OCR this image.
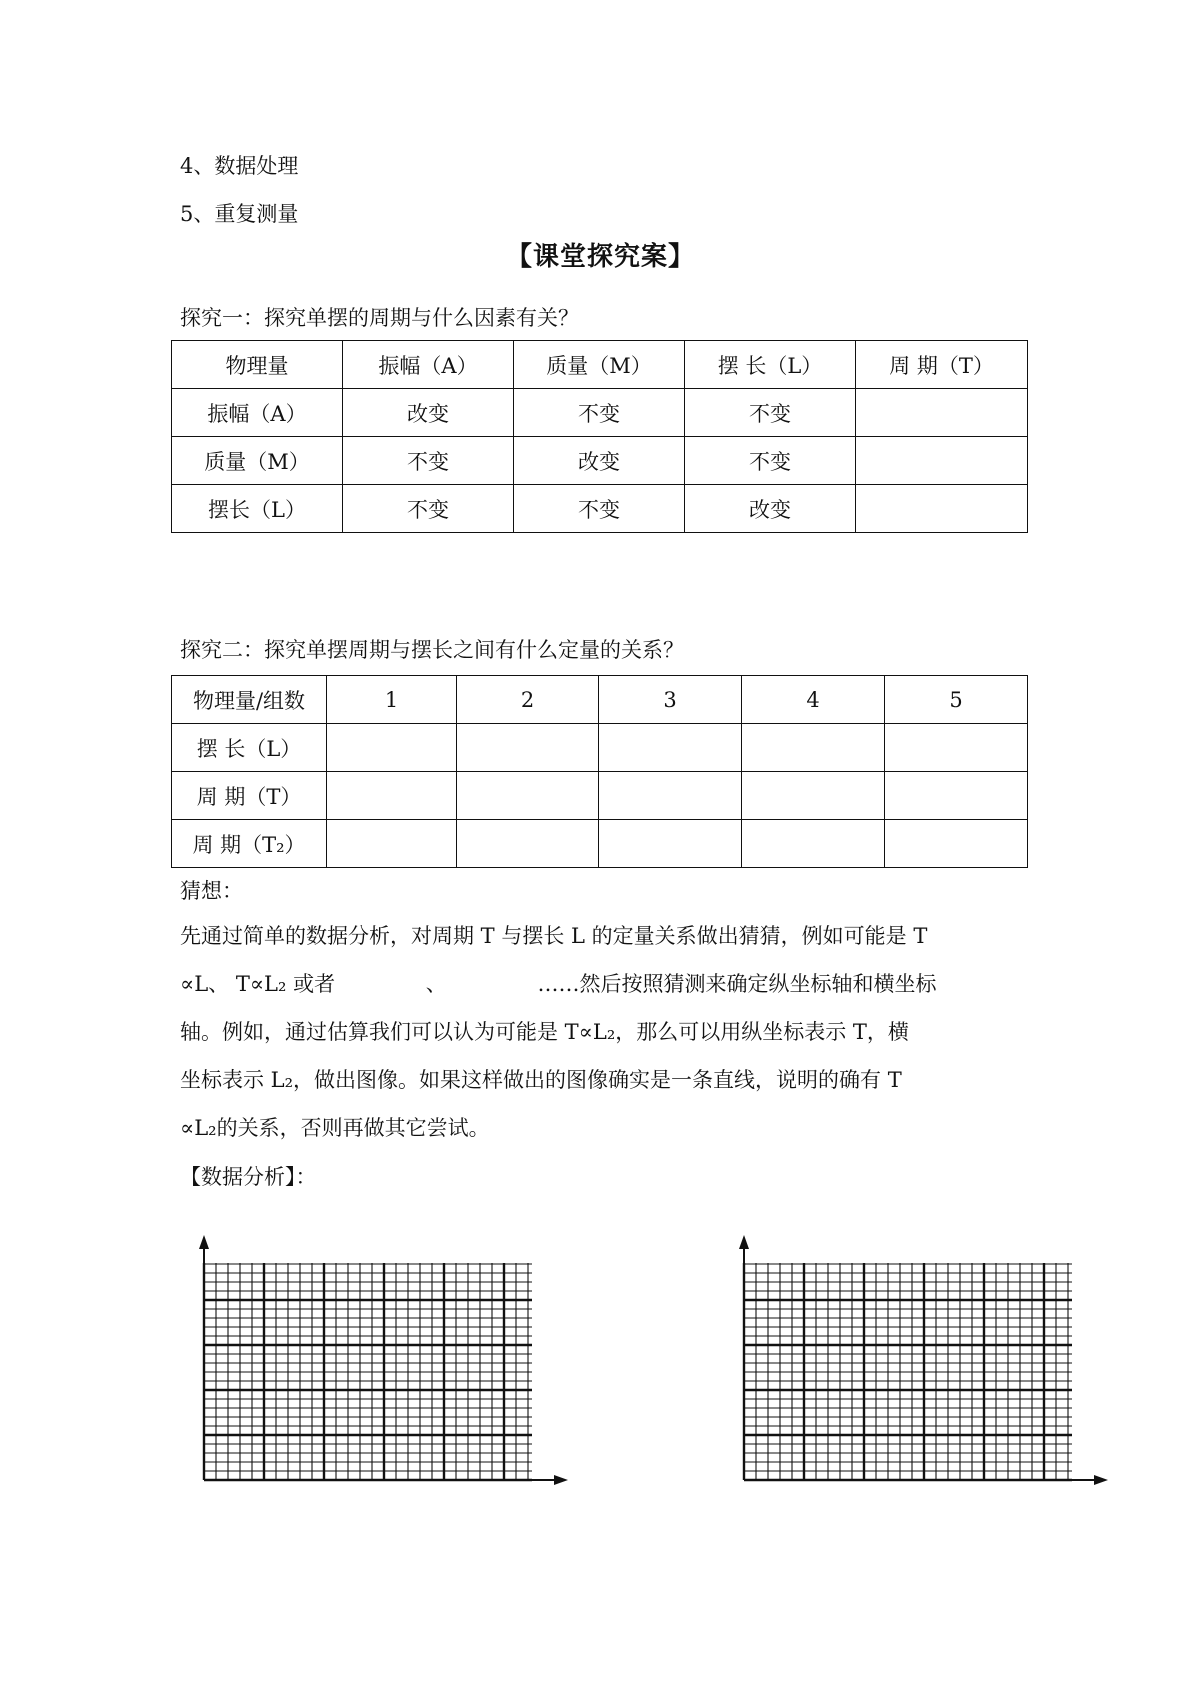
4、数据处理
5、重复测量
【课堂探究案】
探究一：探究单摆的周期与什么因素有关？
物理量	振幅（A）	质量（M）	摆 长（L）	周 期（T）
振幅（A）	改变	不变	不变	
质量（M）	不变	改变	不变	
摆长（L）	不变	不变	改变	
探究二：探究单摆周期与摆长之间有什么定量的关系？
物理量/组数	1	2	3	4	5
摆 长（L）					
周 期（T）					
周 期（T₂）					
猜想：
先通过简单的数据分析，对周期 T 与摆长 L 的定量关系做出猜猜，例如可能是 T
∝L、 T∝L₂ 或者 　　　　、 　　　　……然后按照猜测来确定纵坐标轴和横坐标
轴。例如，通过估算我们可以认为可能是 T∝L₂，那么可以用纵坐标表示 T，横
坐标表示 L₂，做出图像。如果这样做出的图像确实是一条直线，说明的确有 T
∝L₂的关系，否则再做其它尝试。
【数据分析】：
